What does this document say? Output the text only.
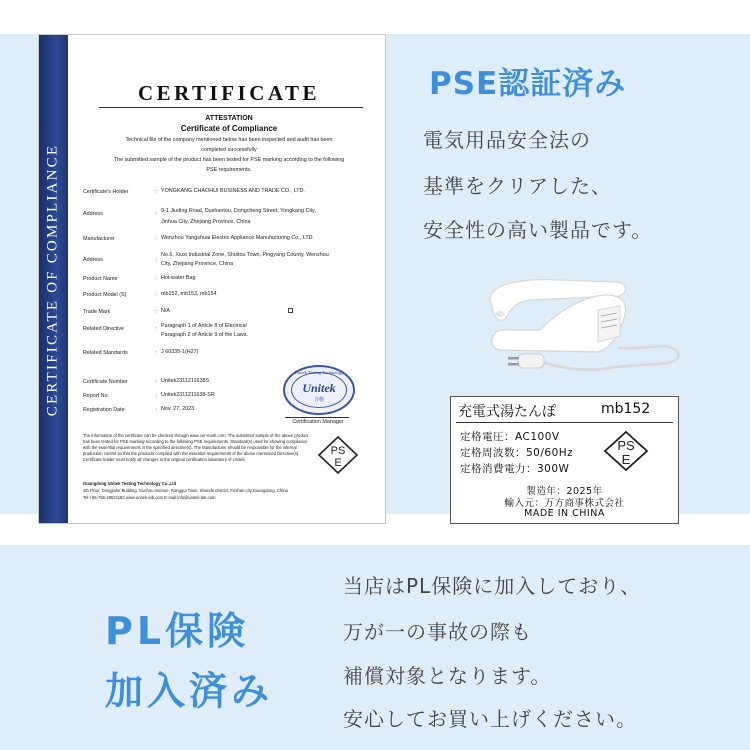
CERTIFICATE OF COMPLIANCE
CERTIFICATE
ATTESTATION
Certificate of Compliance
Technical file of the company mentioned below has been inspected and audit has been
completed successfully
The submitted sample of the product has been tested for PSE marking according to the following
PSE requirements.
Certificate's Holder	: YONGKANG CHAOHUI BUSINESS AND TRADE CO., LTD.
Address	: 9-1 Jiuding Road, Dushantou, Dongcheng Street, Yongkang City,
Jinhua City, Zhejiang Province, China
Manufacturer	: Wenzhou Yangshuai Electric Appliance Manufacturing Co., LTD.
Address	:
No.6, Xiuxi Industrial Zone, Shuitou Town, Pingyang County, Wenzhou
City, Zhejiang Province, China
Product Name	: Hot-water Bag
Product Model (S)	: mb152, mb153, mb154
Trade Mark	: N/A
Related Directive	: Paragraph 1 of Article 8 of Electrical
Paragraph 2 of Article 9 of the Laws.
Related Standards	: J 60335-1(H27)
Certificate Number	: Unitek2311211638S
Report No.	: Unitek2311211638-SR
Registration Date	: Nov. 27, 2023
Unitek Testing Technology
Unitek
合格
Certification Manager
The information of the certificate can be checked through www.cer-mark.com. The submitted sample of the above product has been tested for PSE marking according to the following PSE requirements. Standard(s) used for showing compliance with the essential requirements in the specified directive(s). The Manufacturer should be responsible for the internal production control so that the products complied with the essential requirements of the above mentioned Directive(s). Certificate holder must notify all changes to the original certification laboratory of Unitek.
Guangdong Unitek Testing Technology Co.,Ltd
4th Floor, Dongjiahe Building, Guchou Avenue, Ronggui Town, Shunde District, Foshan city,Guangdong, China
Tel:+86-755-28621183 www.unitek-lab.com E-mail:info@unitek-lab.com
PS
E
PSE認証済み
電気用品安全法の
基準をクリアした、
安全性の高い製品です。
充電式湯たんぽ	mb152
定格電圧：AC100V
定格周波数：50/60Hz
定格消費電力：300W
PS
E
製造年：2025年
輸入元：万方商事株式会社
MADE IN CHINA
PL保険
加入済み
当店はPL保険に加入しており、
万が一の事故の際も
補償対象となります。
安心してお買い上げください。
